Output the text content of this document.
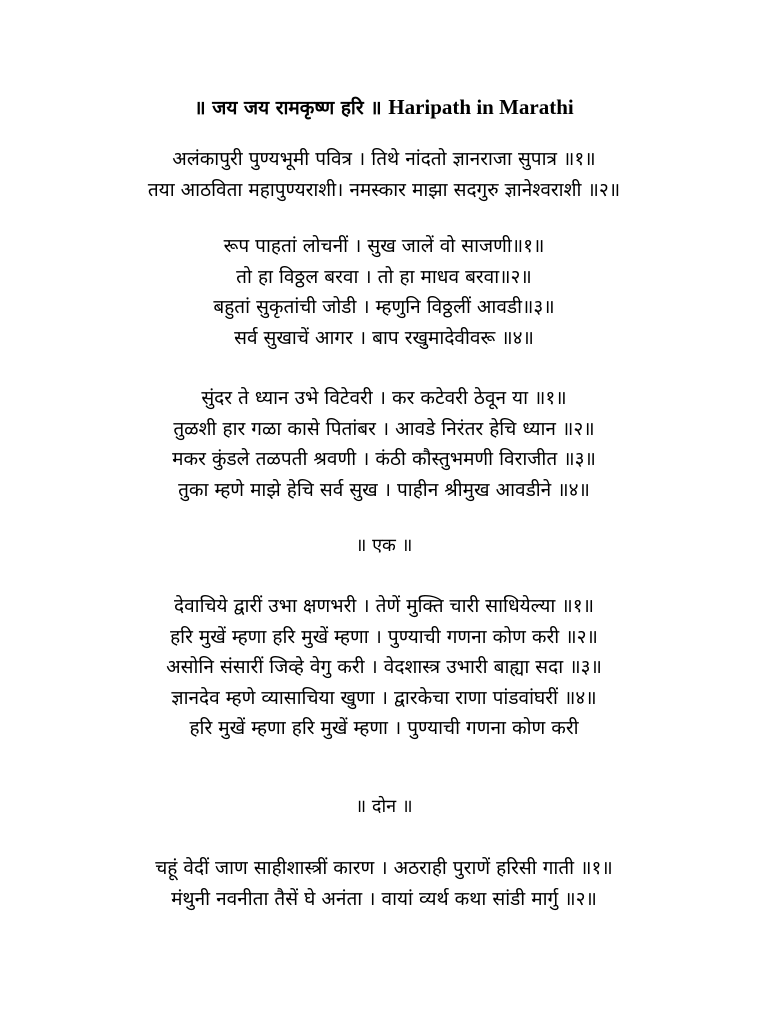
॥ जय जय रामकृष्ण हरि ॥ Haripath in Marathi
अलंकापुरी पुण्यभूमी पवित्र । तिथे नांदतो ज्ञानराजा सुपात्र ॥१॥
तया आठविता महापुण्यराशी। नमस्कार माझा सदगुरु ज्ञानेश्वराशी ॥२॥
रूप पाहतां लोचनीं । सुख जालें वो साजणी॥१॥
तो हा विठ्ठल बरवा । तो हा माधव बरवा॥२॥
बहुतां सुकृतांची जोडी । म्हणुनि विठ्ठलीं आवडी॥३॥
सर्व सुखाचें आगर । बाप रखुमादेवीवरू ॥४॥
सुंदर ते ध्यान उभे विटेवरी । कर कटेवरी ठेवून या ॥१॥
तुळशी हार गळा कासे पितांबर । आवडे निरंतर हेचि ध्यान ॥२॥
मकर कुंडले तळपती श्रवणी । कंठी कौस्तुभमणी विराजीत ॥३॥
तुका म्हणे माझे हेचि सर्व सुख । पाहीन श्रीमुख आवडीने ॥४॥
॥ एक ॥
देवाचिये द्वारीं उभा क्षणभरी । तेणें मुक्ति चारी साधियेल्या ॥१॥
हरि मुखें म्हणा हरि मुखें म्हणा । पुण्याची गणना कोण करी ॥२॥
असोनि संसारीं जिव्हे वेगु करी । वेदशास्त्र उभारी बाह्या सदा ॥३॥
ज्ञानदेव म्हणे व्यासाचिया खुणा । द्वारकेचा राणा पांडवांघरीं ॥४॥
हरि मुखें म्हणा हरि मुखें म्हणा । पुण्याची गणना कोण करी
॥ दोन ॥
चहूं वेदीं जाण साहीशास्त्रीं कारण । अठराही पुराणें हरिसी गाती ॥१॥
मंथुनी नवनीता तैसें घे अनंता । वायां व्यर्थ कथा सांडी मार्गु ॥२॥
